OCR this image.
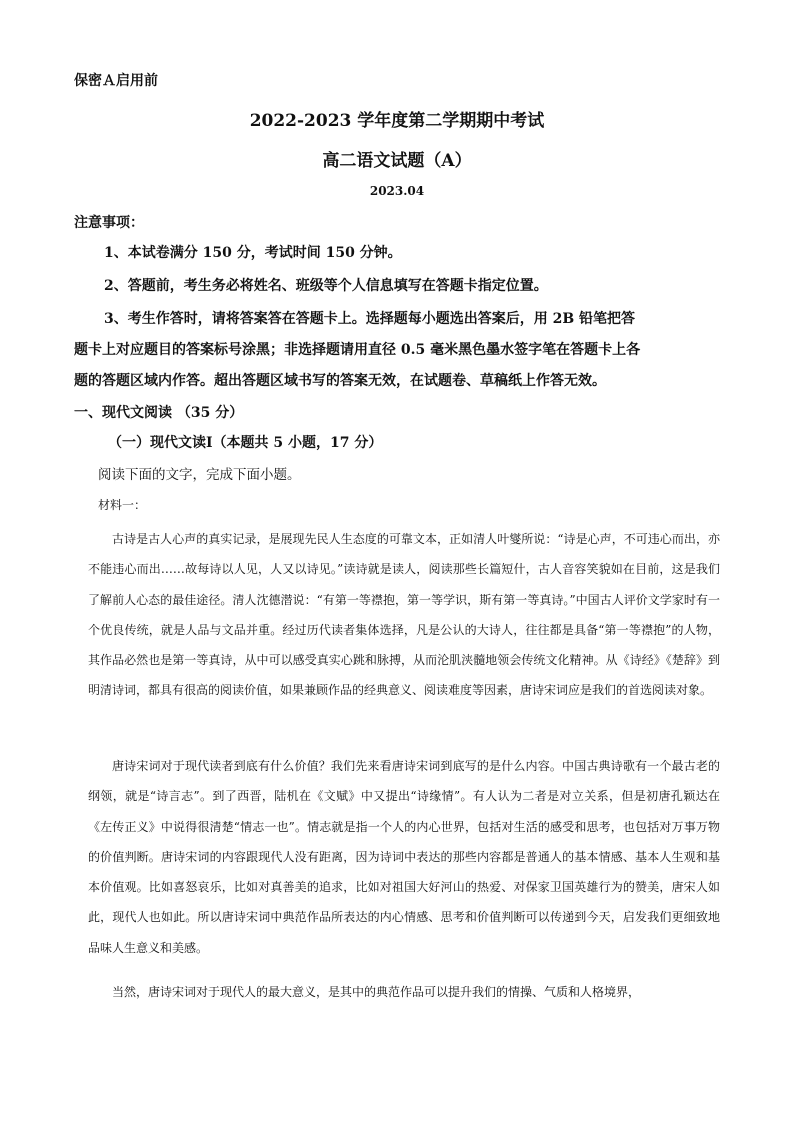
保密Ａ启用前
2022-2023 学年度第二学期期中考试
高二语文试题（A）
2023.04
注意事项：
1、本试卷满分 150 分，考试时间 150 分钟。
2、答题前，考生务必将姓名、班级等个人信息填写在答题卡指定位置。
3、考生作答时，请将答案答在答题卡上。选择题每小题选出答案后，用 2B 铅笔把答
题卡上对应题目的答案标号涂黑；非选择题请用直径 0.5 毫米黑色墨水签字笔在答题卡上各
题的答题区域内作答。超出答题区域书写的答案无效，在试题卷、草稿纸上作答无效。
一、现代文阅读 （35 分）
（一）现代文读Ⅰ（本题共 5 小题，17 分）
阅读下面的文字，完成下面小题。
材料一：
古诗是古人心声的真实记录，是展现先民人生态度的可靠文本，正如清人叶燮所说：“诗是心声，不可违心而出，亦不能违心而出……故每诗以人见，人又以诗见。”读诗就是读人，阅读那些长篇短什，古人音容笑貌如在目前，这是我们了解前人心态的最佳途径。清人沈德潜说：“有第一等襟抱，第一等学识，斯有第一等真诗。”中国古人评价文学家时有一个优良传统，就是人品与文品并重。经过历代读者集体选择，凡是公认的大诗人，往往都是具备“第一等襟抱”的人物，其作品必然也是第一等真诗，从中可以感受真实心跳和脉搏，从而沦肌浃髓地领会传统文化精神。从《诗经》《楚辞》到明清诗词，都具有很高的阅读价值，如果兼顾作品的经典意义、阅读难度等因素，唐诗宋词应是我们的首选阅读对象。
唐诗宋词对于现代读者到底有什么价值？我们先来看唐诗宋词到底写的是什么内容。中国古典诗歌有一个最古老的纲领，就是“诗言志”。到了西晋，陆机在《文赋》中又提出“诗缘情”。有人认为二者是对立关系，但是初唐孔颖达在《左传正义》中说得很清楚“情志一也”。情志就是指一个人的内心世界，包括对生活的感受和思考，也包括对万事万物的价值判断。唐诗宋词的内容跟现代人没有距离，因为诗词中表达的那些内容都是普通人的基本情感、基本人生观和基本价值观。比如喜怒哀乐，比如对真善美的追求，比如对祖国大好河山的热爱、对保家卫国英雄行为的赞美，唐宋人如此，现代人也如此。所以唐诗宋词中典范作品所表达的内心情感、思考和价值判断可以传递到今天，启发我们更细致地品味人生意义和美感。
当然，唐诗宋词对于现代人的最大意义，是其中的典范作品可以提升我们的情操、气质和人格境界，
